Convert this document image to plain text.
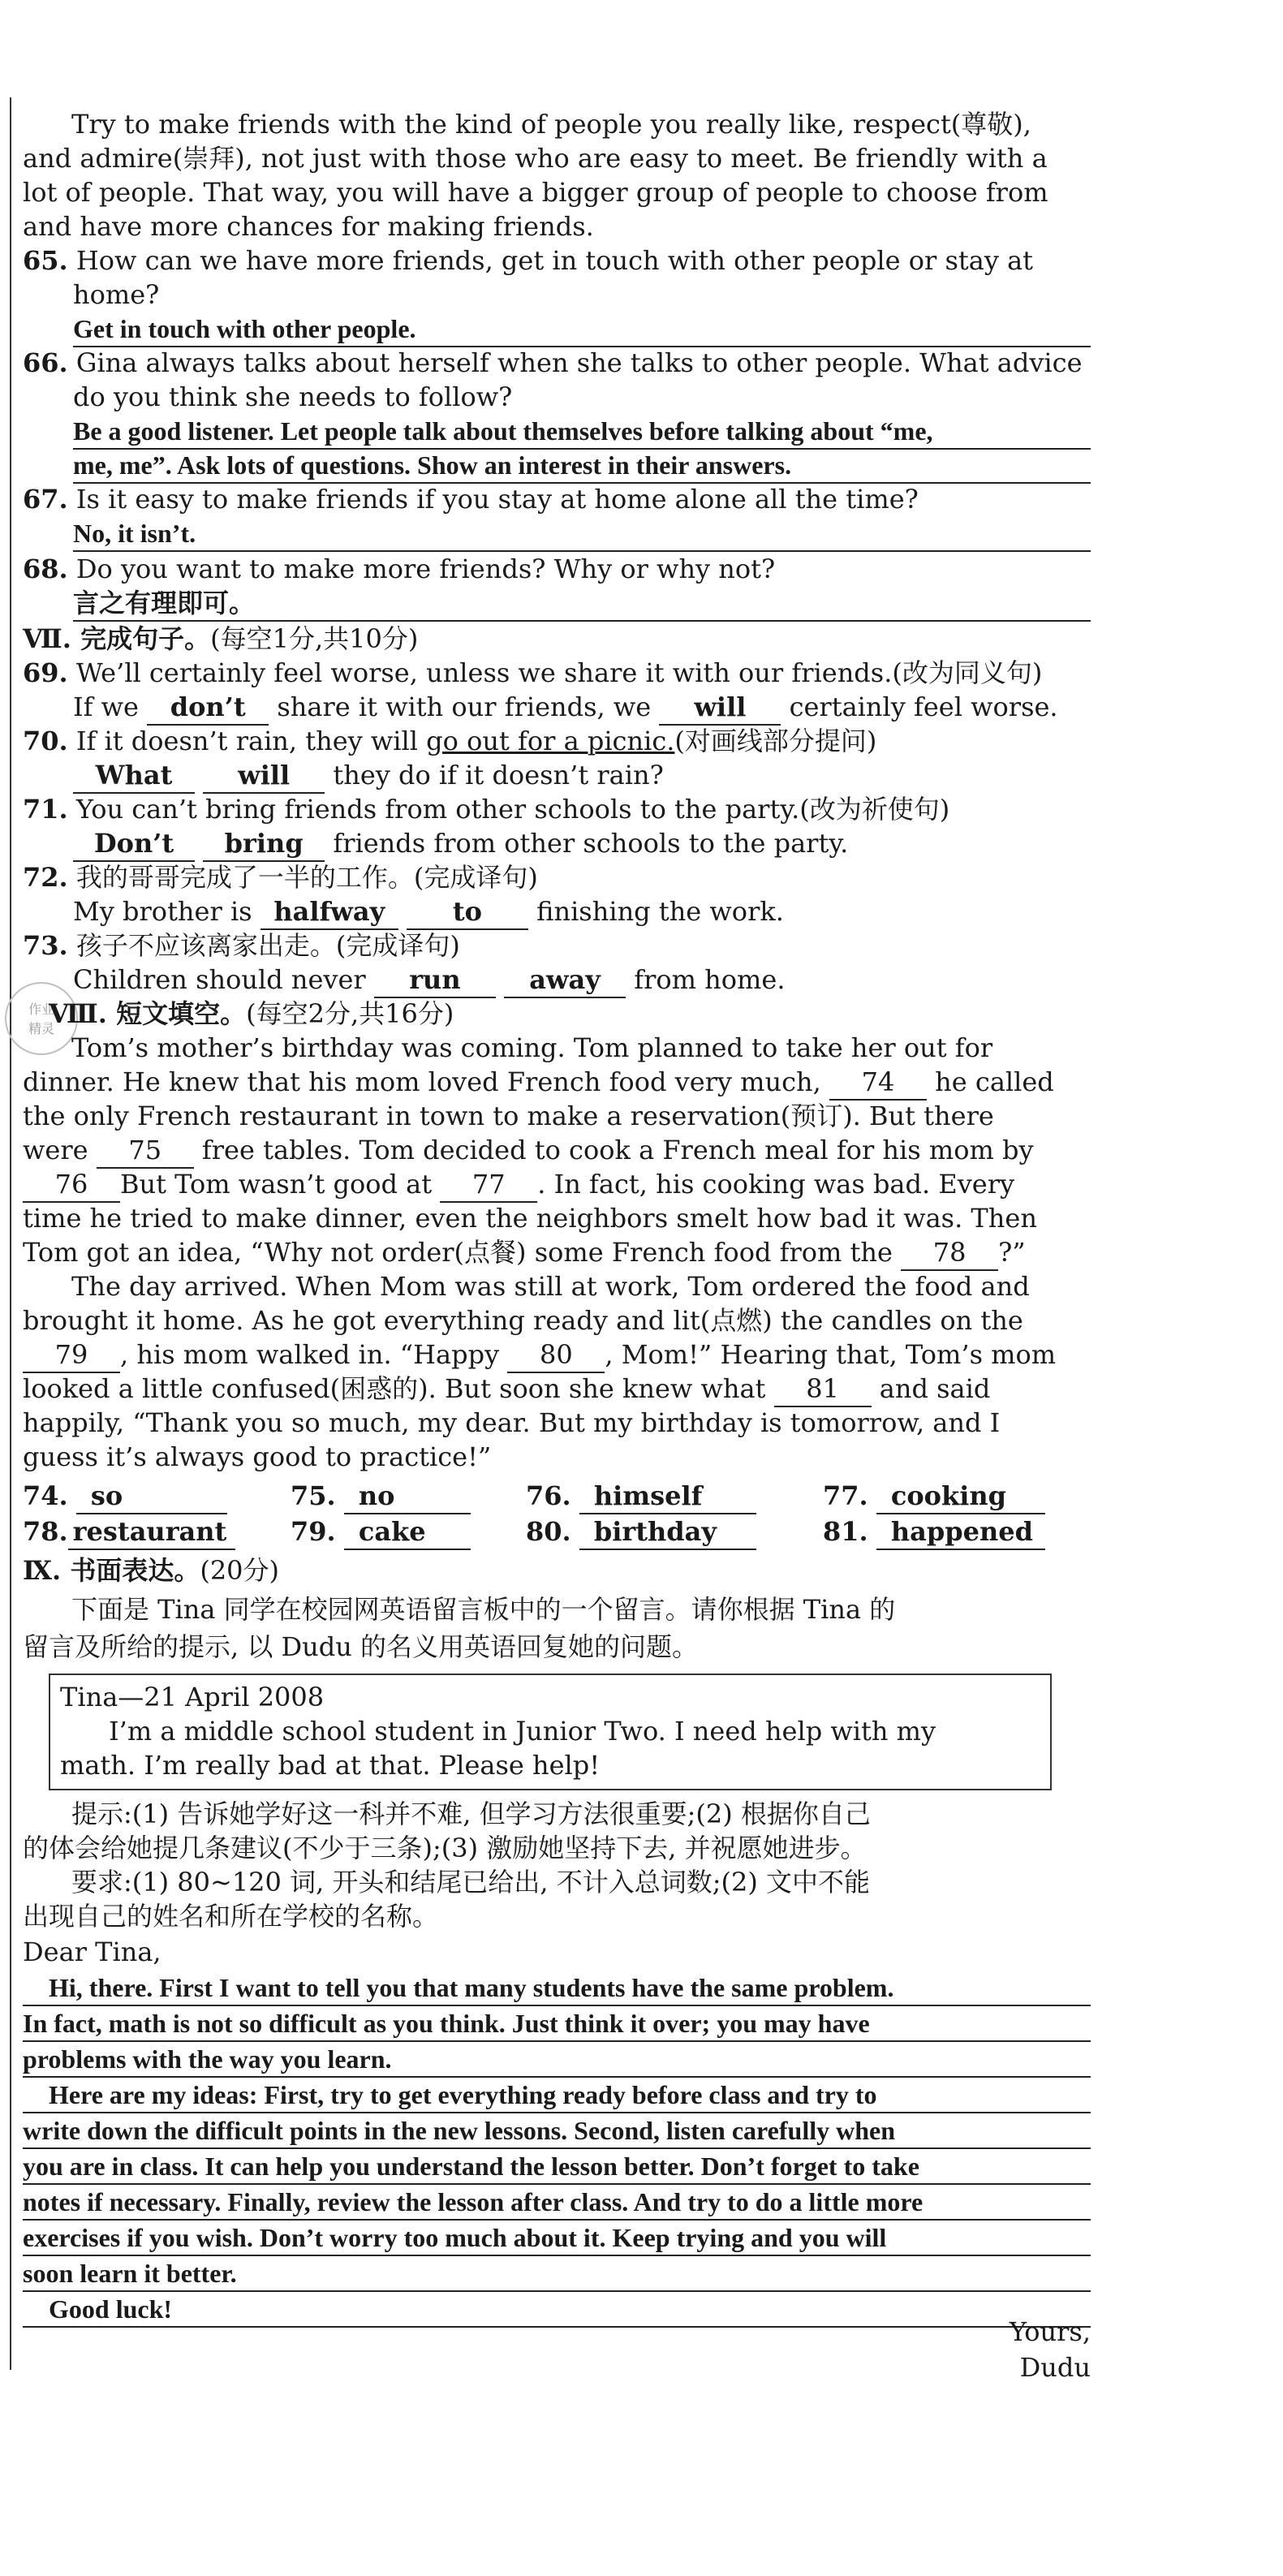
Try to make friends with the kind of people you really like, respect(尊敬),
and admire(崇拜), not just with those who are easy to meet. Be friendly with a
lot of people. That way, you will have a bigger group of people to choose from
and have more chances for making friends.
65. How can we have more friends, get in touch with other people or stay at
home?
Get in touch with other people.
66. Gina always talks about herself when she talks to other people. What advice
do you think she needs to follow?
Be a good listener. Let people talk about themselves before talking about “me,
me, me”. Ask lots of questions. Show an interest in their answers.
67. Is it easy to make friends if you stay at home alone all the time?
No, it isn’t.
68. Do you want to make more friends? Why or why not?
言之有理即可。
Ⅶ. 完成句子。(每空1分,共10分)
69. We’ll certainly feel worse, unless we share it with our friends.(改为同义句)
If we don’t share it with our friends, we will certainly feel worse.
70. If it doesn’t rain, they will go out for a picnic.(对画线部分提问)
What	will they do if it doesn’t rain?
71. You can’t bring friends from other schools to the party.(改为祈使句)
Don’t bring friends from other schools to the party.
72. 我的哥哥完成了一半的工作。(完成译句)
My brother is halfway	to finishing the work.
73. 孩子不应该离家出走。(完成译句)
Children should never run	away from home.
作业
精灵
Ⅷ. 短文填空。(每空2分,共16分)
Tom’s mother’s birthday was coming. Tom planned to take her out for
dinner. He knew that his mom loved French food very much, 74 he called
the only French restaurant in town to make a reservation(预订). But there
were 75 free tables. Tom decided to cook a French meal for his mom by
76 But Tom wasn’t good at 77 . In fact, his cooking was bad. Every
time he tried to make dinner, even the neighbors smelt how bad it was. Then
Tom got an idea, “Why not order(点餐) some French food from the 78 ?”
The day arrived. When Mom was still at work, Tom ordered the food and
brought it home. As he got everything ready and lit(点燃) the candles on the
79 , his mom walked in. “Happy 80 , Mom!” Hearing that, Tom’s mom
looked a little confused(困惑的). But soon she knew what 81 and said
happily, “Thank you so much, my dear. But my birthday is tomorrow, and I
guess it’s always good to practice!”
74. so	75. no	76. himself	77. cooking
78. restaurant	79. cake	80. birthday	81. happened
Ⅸ. 书面表达。(20分)
下面是 Tina 同学在校园网英语留言板中的一个留言。请你根据 Tina 的
留言及所给的提示, 以 Dudu 的名义用英语回复她的问题。
Tina—21 April 2008
I’m a middle school student in Junior Two. I need help with my
math. I’m really bad at that. Please help!
提示:(1) 告诉她学好这一科并不难, 但学习方法很重要;(2) 根据你自己
的体会给她提几条建议(不少于三条);(3) 激励她坚持下去, 并祝愿她进步。
要求:(1) 80~120 词, 开头和结尾已给出, 不计入总词数;(2) 文中不能
出现自己的姓名和所在学校的名称。
Dear Tina,
Hi, there. First I want to tell you that many students have the same problem.
In fact, math is not so difficult as you think. Just think it over; you may have
problems with the way you learn.
Here are my ideas: First, try to get everything ready before class and try to
write down the difficult points in the new lessons. Second, listen carefully when
you are in class. It can help you understand the lesson better. Don’t forget to take
notes if necessary. Finally, review the lesson after class. And try to do a little more
exercises if you wish. Don’t worry too much about it. Keep trying and you will
soon learn it better.
Good luck!
Yours,
Dudu
